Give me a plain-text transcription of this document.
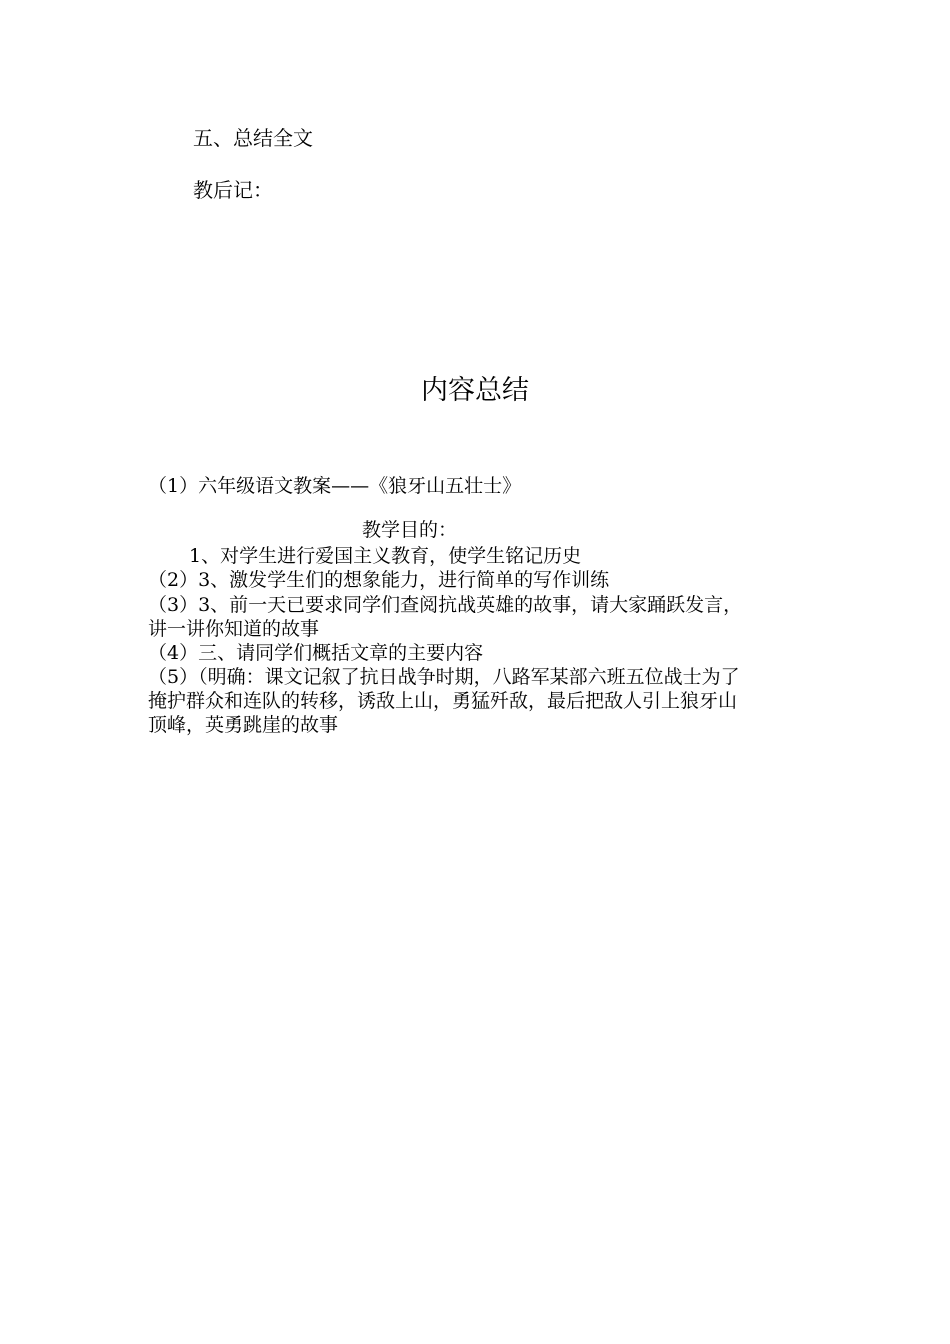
五、总结全文

教后记：

内容总结

（1）六年级语文教案——《狼牙山五壮士》

教学目的：

1、对学生进行爱国主义教育，使学生铭记历史

（2）3、激发学生们的想象能力，进行简单的写作训练

（3）3、前一天已要求同学们查阅抗战英雄的故事，请大家踊跃发言，

讲一讲你知道的故事

（4）三、请同学们概括文章的主要内容

（5）（明确：课文记叙了抗日战争时期，八路军某部六班五位战士为了

掩护群众和连队的转移，诱敌上山，勇猛歼敌，最后把敌人引上狼牙山

顶峰，英勇跳崖的故事
